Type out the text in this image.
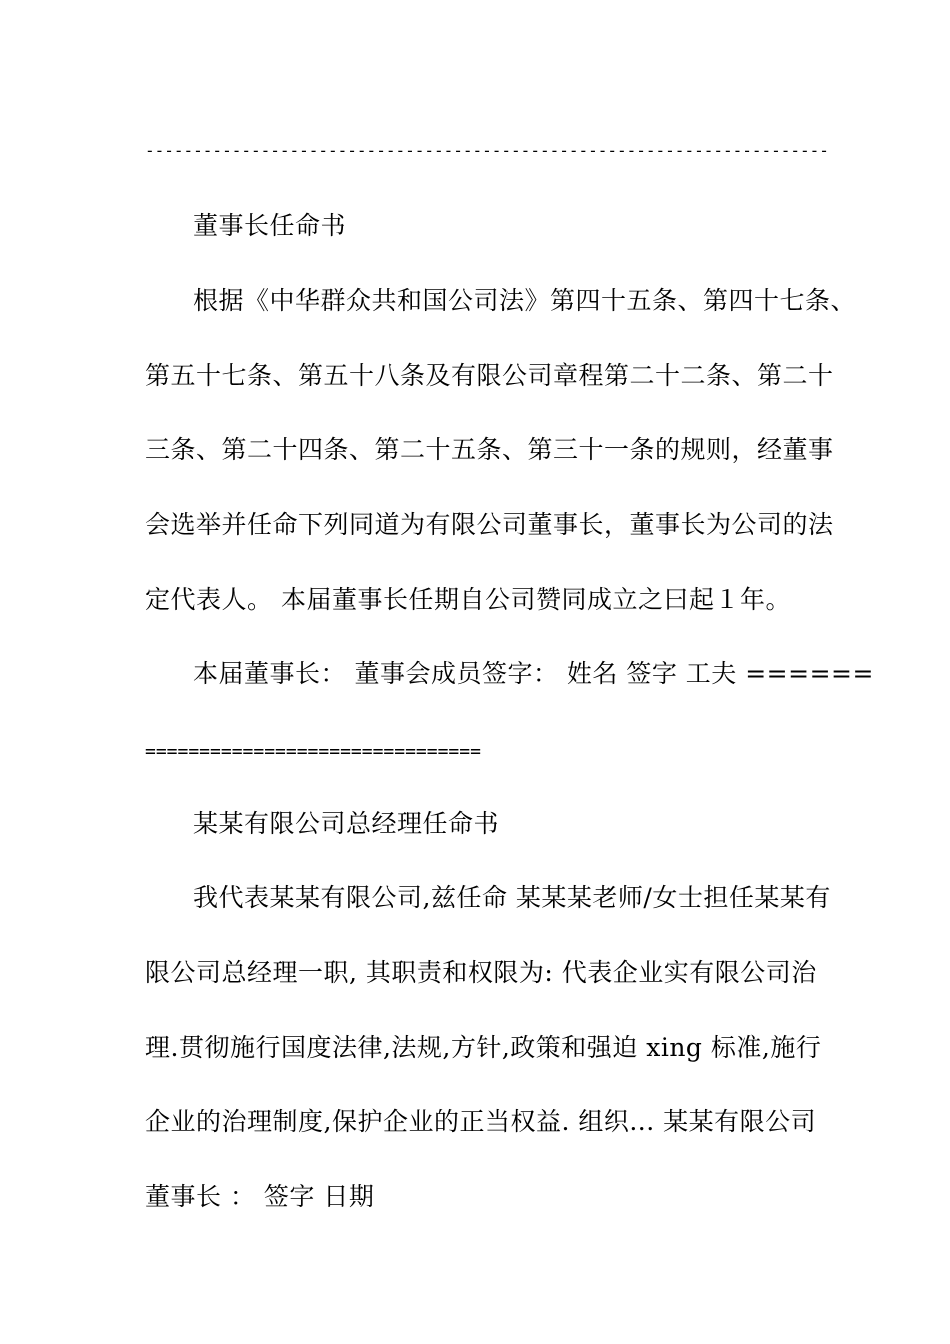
-----------------------------------------------------------------------
董事长任命书
根据《中华群众共和国公司法》第四十五条、第四十七条、
第五十七条、第五十八条及有限公司章程第二十二条、第二十
三条、第二十四条、第二十五条、第三十一条的规则，经董事
会选举并任命下列同道为有限公司董事长，董事长为公司的法
定代表人。 本届董事长任期自公司赞同成立之曰起１年。
本届董事长： 董事会成员签字： 姓名 签字 工夫 ======
===============================
某某有限公司总经理任命书
我代表某某有限公司,兹任命 某某某老师/女士担任某某有
限公司总经理一职, 其职责和权限为: 代表企业实有限公司治
理.贯彻施行国度法律,法规,方针,政策和强迫 xing 标准,施行
企业的治理制度,保护企业的正当权益. 组织... 某某有限公司
董事长 ： 签字 日期
